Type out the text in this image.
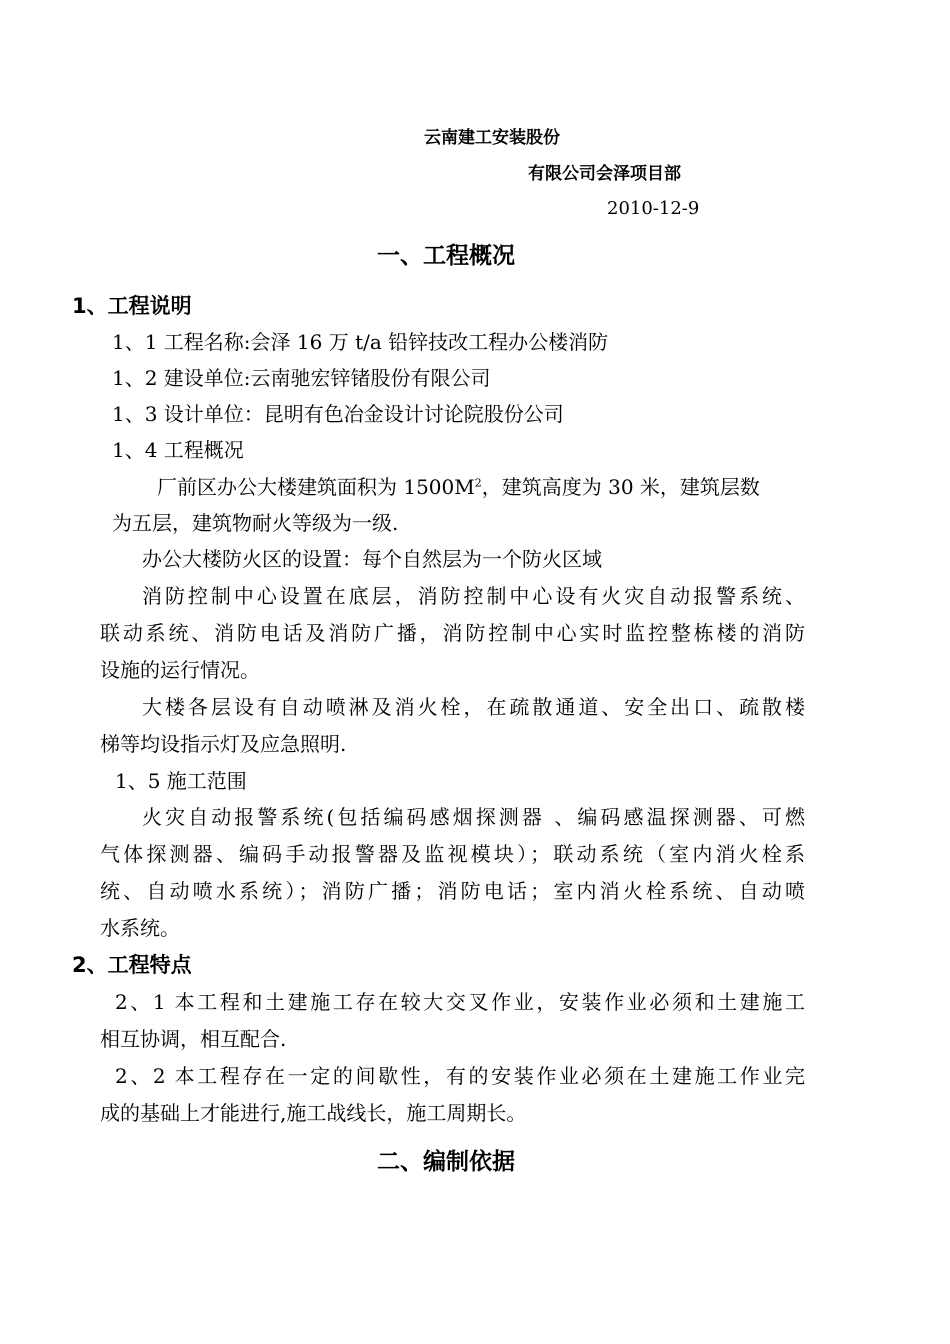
云南建工安装股份
有限公司会泽项目部
2010-12-9
一、工程概况
1、工程说明
1、1 工程名称:会泽 16 万 t/a 铅锌技改工程办公楼消防
1、2 建设单位:云南驰宏锌锗股份有限公司
1、3 设计单位：昆明有色冶金设计讨论院股份公司
1、4 工程概况
厂前区办公大楼建筑面积为 $1500M^2$，建筑高度为 30 米，建筑层数
为五层，建筑物耐火等级为一级.
办公大楼防火区的设置：每个自然层为一个防火区域
消防控制中心设置在底层，消防控制中心设有火灾自动报警系统、
联动系统、消防电话及消防广播，消防控制中心实时监控整栋楼的消防
设施的运行情况。
大楼各层设有自动喷淋及消火栓，在疏散通道、安全出口、疏散楼
梯等均设指示灯及应急照明.
1、5 施工范围
火灾自动报警系统(包括编码感烟探测器 、编码感温探测器、可燃
气体探测器、编码手动报警器及监视模块）；联动系统（室内消火栓系
统、自动喷水系统）；消防广播；消防电话；室内消火栓系统、自动喷
水系统。
2、工程特点
2、1 本工程和土建施工存在较大交叉作业，安装作业必须和土建施工
相互协调，相互配合.
2、2 本工程存在一定的间歇性，有的安装作业必须在土建施工作业完
成的基础上才能进行,施工战线长，施工周期长。
二、编制依据
